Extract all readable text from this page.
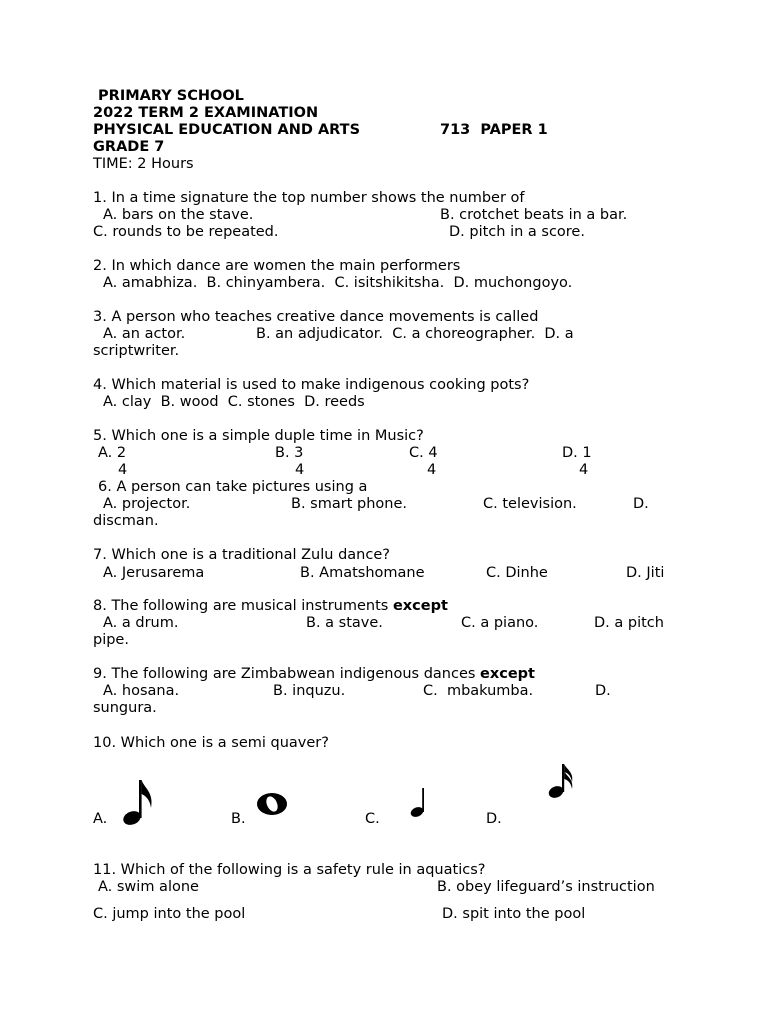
PRIMARY SCHOOL
2022 TERM 2 EXAMINATION
PHYSICAL EDUCATION AND ARTS	713  PAPER 1
GRADE 7
TIME: 2 Hours
1. In a time signature the top number shows the number of
A. bars on the stave.	B. crotchet beats in a bar.
C. rounds to be repeated.	D. pitch in a score.
2. In which dance are women the main performers
A. amabhiza.  B. chinyambera.  C. isitshikitsha.  D. muchongoyo.
3. A person who teaches creative dance movements is called
A. an actor.	B. an adjudicator.  C. a choreographer.  D. a
scriptwriter.
4. Which material is used to make indigenous cooking pots?
A. clay  B. wood  C. stones  D. reeds
5. Which one is a simple duple time in Music?
A. 2	B. 3	C. 4	D. 1
4	4	4	4
6. A person can take pictures using a
A. projector.	B. smart phone.	C. television.	D.
discman.
7. Which one is a traditional Zulu dance?
A. Jerusarema	B. Amatshomane	C. Dinhe	D. Jiti
8. The following are musical instruments except
A. a drum.	B. a stave.	C. a piano.	D. a pitch
pipe.
9. The following are Zimbabwean indigenous dances except
A. hosana.	B. inquzu.	C.  mbakumba.	D.
sungura.
10. Which one is a semi quaver?
A.	B.	C.	D.
11. Which of the following is a safety rule in aquatics?
A. swim alone	B. obey lifeguard’s instruction
C. jump into the pool	D. spit into the pool
